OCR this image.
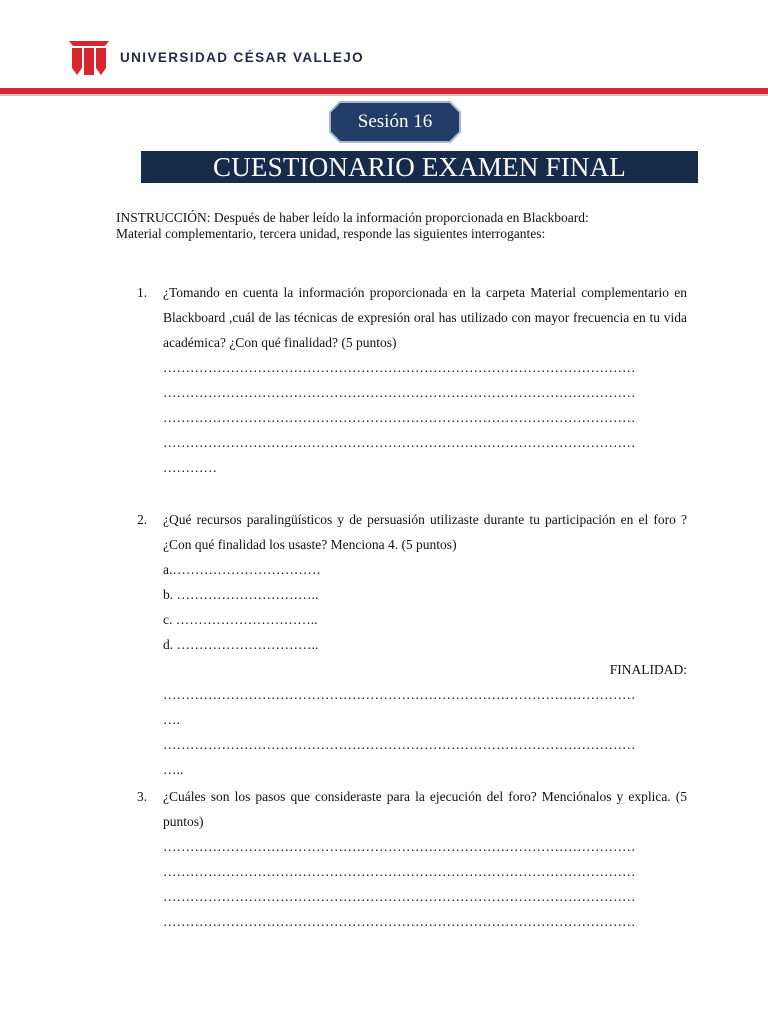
UNIVERSIDAD CÉSAR VALLEJO
Sesión 16
CUESTIONARIO EXAMEN FINAL
INSTRUCCIÓN: Después de haber leído la información proporcionada en Blackboard:
Material complementario, tercera unidad, responde las siguientes interrogantes:
1. ¿Tomando en cuenta la información proporcionada en la carpeta Material complementario en Blackboard ,cuál de las técnicas de expresión oral has utilizado con mayor frecuencia en tu vida académica? ¿Con qué finalidad? (5 puntos)

……………………………………………………………………………………………
……………………………………………………………………………………………
……………………………………………………………………………………………
……………………………………………………………………………………………
…………
2. ¿Qué recursos paralingüísticos y de persuasión utilizaste durante tu participación en el foro ? ¿Con qué finalidad los usaste? Menciona 4. (5 puntos)

a.……………………………
b. …………………………..
c. …………………………..
d. …………………………..
FINALIDAD:
……………………………………………………………………………………………
….
……………………………………………………………………………………………
…..
3. ¿Cuáles son los pasos que consideraste para la ejecución del foro? Menciónalos y explica. (5 puntos)

……………………………………………………………………………………………
……………………………………………………………………………………………
……………………………………………………………………………………………
……………………………………………………………………………………………
